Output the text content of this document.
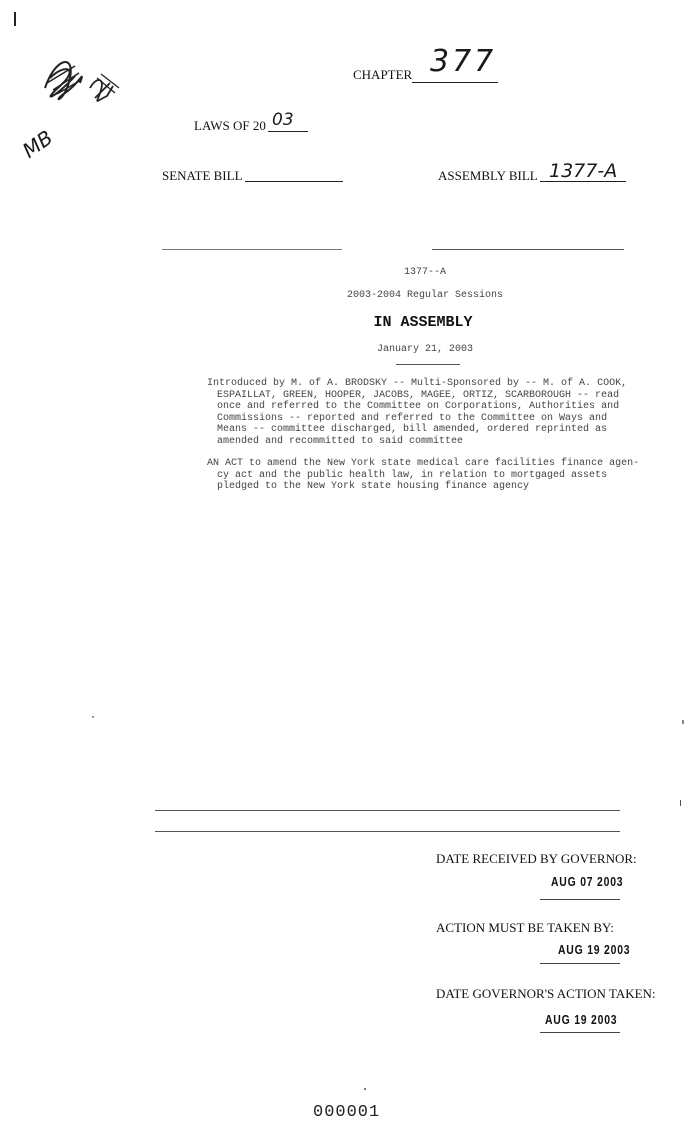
MB
CHAPTER 377
LAWS OF 20 03
SENATE BILL	ASSEMBLY BILL 1377-A
1377--A
2003-2004 Regular Sessions
IN ASSEMBLY
January 21, 2003
Introduced by M. of A. BRODSKY -- Multi-Sponsored by -- M. of A. COOK,
ESPAILLAT, GREEN, HOOPER, JACOBS, MAGEE, ORTIZ, SCARBOROUGH -- read
once and referred to the Committee on Corporations, Authorities and
Commissions -- reported and referred to the Committee on Ways and
Means -- committee discharged, bill amended, ordered reprinted as
amended and recommitted to said committee
AN ACT to amend the New York state medical care facilities finance agen-
cy act and the public health law, in relation to mortgaged assets
pledged to the New York state housing finance agency
DATE RECEIVED BY GOVERNOR:
AUG 07 2003
ACTION MUST BE TAKEN BY:
AUG 19 2003
DATE GOVERNOR'S ACTION TAKEN:
AUG 19 2003
000001
